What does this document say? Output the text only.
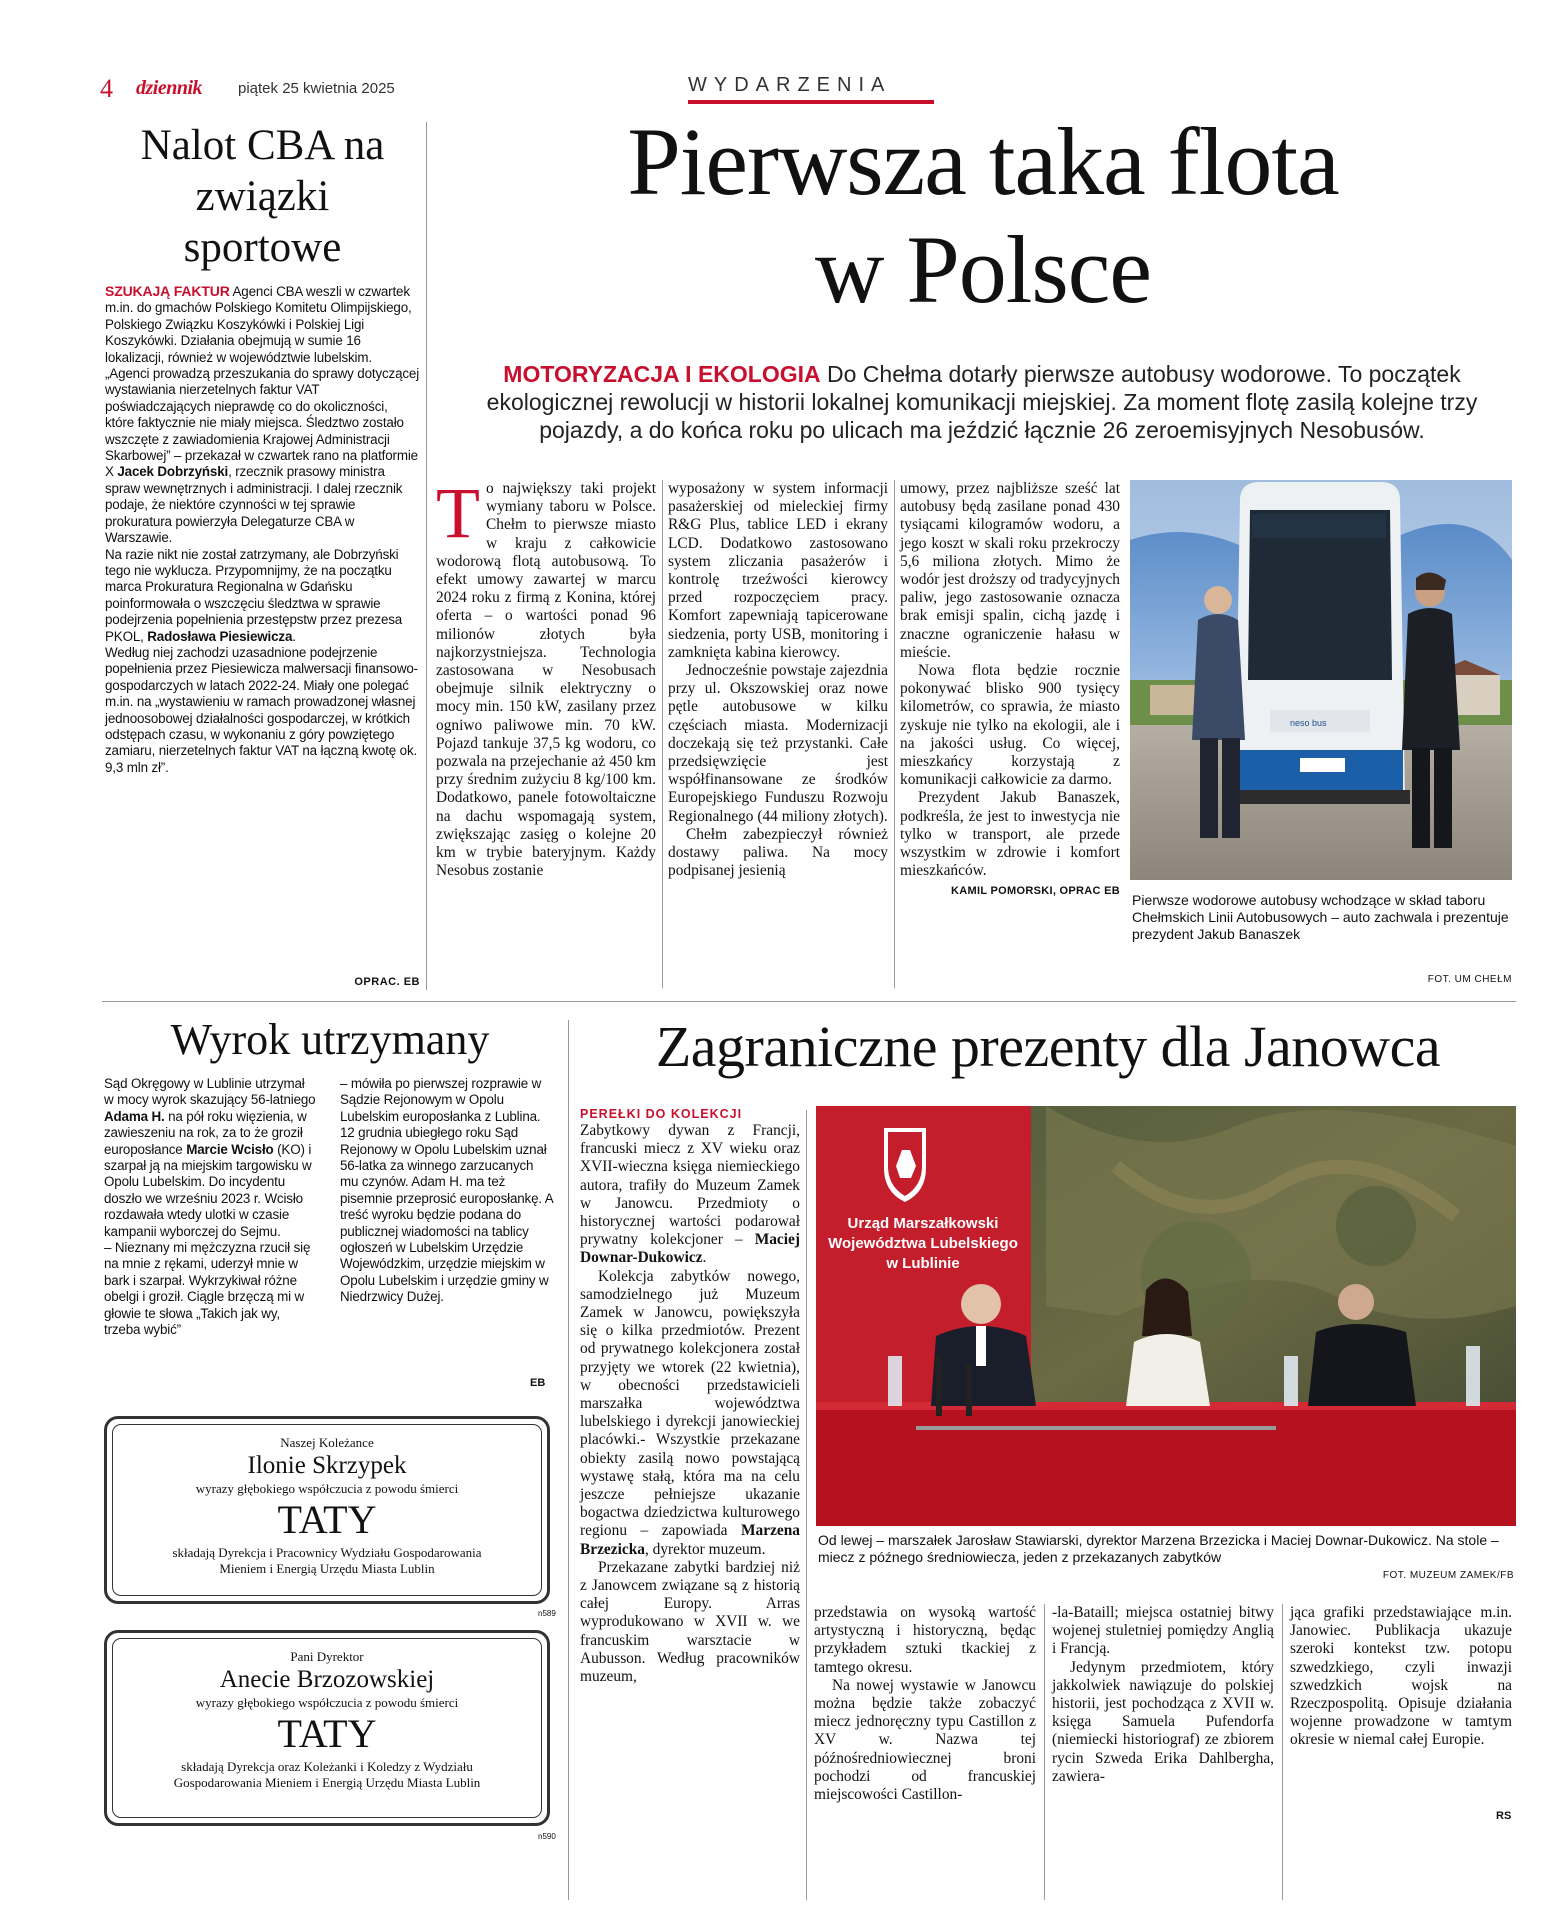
4 dziennik piątek 25 kwietnia 2025	WYDARZENIA
Nalot CBA na związki sportowe

SZUKAJĄ FAKTUR Agenci CBA weszli w czwartek m.in. do gmachów Polskiego Komitetu Olimpijskiego, Polskiego Związku Koszykówki i Polskiej Ligi Koszykówki. Działania obejmują w sumie 16 lokalizacji, również w województwie lubelskim.

„Agenci prowadzą przeszukania do sprawy dotyczącej wystawiania nierzetelnych faktur VAT poświadczających nieprawdę co do okoliczności, które faktycznie nie miały miejsca. Śledztwo zostało wszczęte z zawiadomienia Krajowej Administracji Skarbowej” – przekazał w czwartek rano na platformie X Jacek Dobrzyński, rzecznik prasowy ministra spraw wewnętrznych i administracji. I dalej rzecznik podaje, że niektóre czynności w tej sprawie prokuratura powierzyła Delegaturze CBA w Warszawie.

Na razie nikt nie został zatrzymany, ale Dobrzyński tego nie wyklucza. Przypomnijmy, że na początku marca Prokuratura Regionalna w Gdańsku poinformowała o wszczęciu śledztwa w sprawie podejrzenia popełnienia przestępstw przez prezesa PKOL, Radosława Piesiewicza.

Według niej zachodzi uzasadnione podejrzenie popełnienia przez Piesiewicza malwersacji finansowo-gospodarczych w latach 2022-24. Miały one polegać m.in. na „wystawieniu w ramach prowadzonej własnej jednoosobowej działalności gospodarczej, w krótkich odstępach czasu, w wykonaniu z góry powziętego zamiaru, nierzetelnych faktur VAT na łączną kwotę ok. 9,3 mln zł”.

OPRAC. EB
Pierwsza taka flota
w Polsce
MOTORYZACJA I EKOLOGIA Do Chełma dotarły pierwsze autobusy wodorowe. To początek ekologicznej rewolucji w historii lokalnej komunikacji miejskiej. Za moment flotę zasilą kolejne trzy pojazdy, a do końca roku po ulicach ma jeździć łącznie 26 zeroemisyjnych Nesobusów.
To największy taki projekt wymiany taboru w Polsce. Chełm to pierwsze miasto w kraju z całkowicie wodorową flotą autobusową. To efekt umowy zawartej w marcu 2024 roku z firmą z Konina, której oferta – o wartości ponad 96 milionów złotych była najkorzystniejsza. Technologia zastosowana w Nesobusach obejmuje silnik elektryczny o mocy min. 150 kW, zasilany przez ogniwo paliwowe min. 70 kW. Pojazd tankuje 37,5 kg wodoru, co pozwala na przejechanie aż 450 km przy średnim zużyciu 8 kg/100 km. Dodatkowo, panele fotowoltaiczne na dachu wspomagają system, zwiększając zasięg o kolejne 20 km w trybie bateryjnym. Każdy Nesobus zostanie

wyposażony w system informacji pasażerskiej od mieleckiej firmy R&G Plus, tablice LED i ekrany LCD. Dodatkowo zastosowano system zliczania pasażerów i kontrolę trzeźwości kierowcy przed rozpoczęciem pracy. Komfort zapewniają tapicerowane siedzenia, porty USB, monitoring i zamknięta kabina kierowcy.

Jednocześnie powstaje zajezdnia przy ul. Okszowskiej oraz nowe pętle autobusowe w kilku częściach miasta. Modernizacji doczekają się też przystanki. Całe przedsięwzięcie jest współfinansowane ze środków Europejskiego Funduszu Rozwoju Regionalnego (44 miliony złotych).

Chełm zabezpieczył również dostawy paliwa. Na mocy podpisanej jesienią

umowy, przez najbliższe sześć lat autobusy będą zasilane ponad 430 tysiącami kilogramów wodoru, a jego koszt w skali roku przekroczy 5,6 miliona złotych. Mimo że wodór jest droższy od tradycyjnych paliw, jego zastosowanie oznacza brak emisji spalin, cichą jazdę i znaczne ograniczenie hałasu w mieście.

Nowa flota będzie rocznie pokonywać blisko 900 tysięcy kilometrów, co sprawia, że miasto zyskuje nie tylko na ekologii, ale i na jakości usług. Co więcej, mieszkańcy korzystają z komunikacji całkowicie za darmo.

Prezydent Jakub Banaszek, podkreśla, że jest to inwestycja nie tylko w transport, ale przede wszystkim w zdrowie i komfort mieszkańców.

KAMIL POMORSKI, OPRAC EB
neso bus
Pierwsze wodorowe autobusy wchodzące w skład taboru Chełmskich Linii Autobusowych – auto zachwala i prezentuje prezydent Jakub Banaszek
FOT. UM CHEŁM
Wyrok utrzymany

Sąd Okręgowy w Lublinie utrzymał w mocy wyrok skazujący 56-latniego Adama H. na pół roku więzienia, w zawieszeniu na rok, za to że groził europosłance Marcie Wcisło (KO) i szarpał ją na miejskim targowisku w Opolu Lubelskim. Do incydentu doszło we wrześniu 2023 r. Wcisło rozdawała wtedy ulotki w czasie kampanii wyborczej do Sejmu.

– Nieznany mi mężczyzna rzucił się na mnie z rękami, uderzył mnie w bark i szarpał. Wykrzykiwał różne obelgi i groził. Ciągle brzęczą mi w głowie te słowa „Takich jak wy, trzeba wybić”

– mówiła po pierwszej rozprawie w Sądzie Rejonowym w Opolu Lubelskim europosłanka z Lublina.

12 grudnia ubiegłego roku Sąd Rejonowy w Opolu Lubelskim uznał 56-latka za winnego zarzucanych mu czynów. Adam H. ma też pisemnie przeprosić europosłankę. A treść wyroku będzie podana do publicznej wiadomości na tablicy ogłoszeń w Lubelskim Urzędzie Wojewódzkim, urzędzie miejskim w Opolu Lubelskim i urzędzie gminy w Niedrzwicy Dużej.

EB
Naszej Koleżance
Ilonie Skrzypek
wyrazy głębokiego współczucia z powodu śmierci
TATY
składają Dyrekcja i Pracownicy Wydziału Gospodarowania Mieniem i Energią Urzędu Miasta Lublin
n589
Pani Dyrektor
Anecie Brzozowskiej
wyrazy głębokiego współczucia z powodu śmierci
TATY
składają Dyrekcja oraz Koleżanki i Koledzy z Wydziału Gospodarowania Mieniem i Energią Urzędu Miasta Lublin
n590
Zagraniczne prezenty dla Janowca
PEREŁKI DO KOLEKCJI

Zabytkowy dywan z Francji, francuski miecz z XV wieku oraz XVII-wieczna księga niemieckiego autora, trafiły do Muzeum Zamek w Janowcu. Przedmioty o historycznej wartości podarował prywatny kolekcjoner – Maciej Downar-Dukowicz.

Kolekcja zabytków nowego, samodzielnego już Muzeum Zamek w Janowcu, powiększyła się o kilka przedmiotów. Prezent od prywatnego kolekcjonera został przyjęty we wtorek (22 kwietnia), w obecności przedstawicieli marszałka województwa lubelskiego i dyrekcji janowieckiej placówki.- Wszystkie przekazane obiekty zasilą nowo powstającą wystawę stałą, która ma na celu jeszcze pełniejsze ukazanie bogactwa dziedzictwa kulturowego regionu – zapowiada Marzena Brzezicka, dyrektor muzeum.

Przekazane zabytki bardziej niż z Janowcem związane są z historią całej Europy. Arras wyprodukowano w XVII w. we francuskim warsztacie w Aubusson. Według pracowników muzeum,

Urząd Marszałkowski
Województwa Lubelskiego
w Lublinie
Od lewej – marszałek Jarosław Stawiarski, dyrektor Marzena Brzezicka i Maciej Downar-Dukowicz. Na stole – miecz z późnego średniowiecza, jeden z przekazanych zabytków
FOT. MUZEUM ZAMEK/FB

przedstawia on wysoką wartość artystyczną i historyczną, będąc przykładem sztuki tkackiej z tamtego okresu.

Na nowej wystawie w Janowcu można będzie także zobaczyć miecz jednoręczny typu Castillon z XV w. Nazwa tej późnośredniowiecznej broni pochodzi od francuskiej miejscowości Castillon-

-la-Bataill; miejsca ostatniej bitwy wojenej stuletniej pomiędzy Anglią i Francją.

Jedynym przedmiotem, który jakkolwiek nawiązuje do polskiej historii, jest pochodząca z XVII w. księga Samuela Pufendorfa (niemiecki historiograf) ze zbiorem rycin Szweda Erika Dahlbergha, zawiera-

jąca grafiki przedstawiające m.in. Janowiec. Publikacja ukazuje szeroki kontekst tzw. potopu szwedzkiego, czyli inwazji szwedzkich wojsk na Rzeczpospolitą. Opisuje działania wojenne prowadzone w tamtym okresie w niemal całej Europie.

RS
